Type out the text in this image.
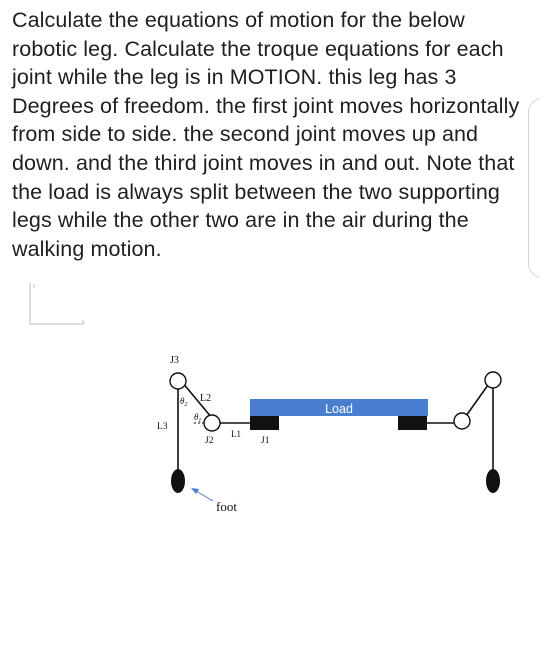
Calculate the equations of motion for the below robotic leg. Calculate the troque equations for each joint while the leg is in MOTION. this leg has 3 Degrees of freedom. the first joint moves horizontally from side to side. the second joint moves up and down. and the third joint moves in and out. Note that the load is always split between the two supporting legs while the other two are in the air during the walking motion.

y
x
Load
J3
L2
$\theta_2$
$\theta_1$
L3
J2
L1
J1
foot
